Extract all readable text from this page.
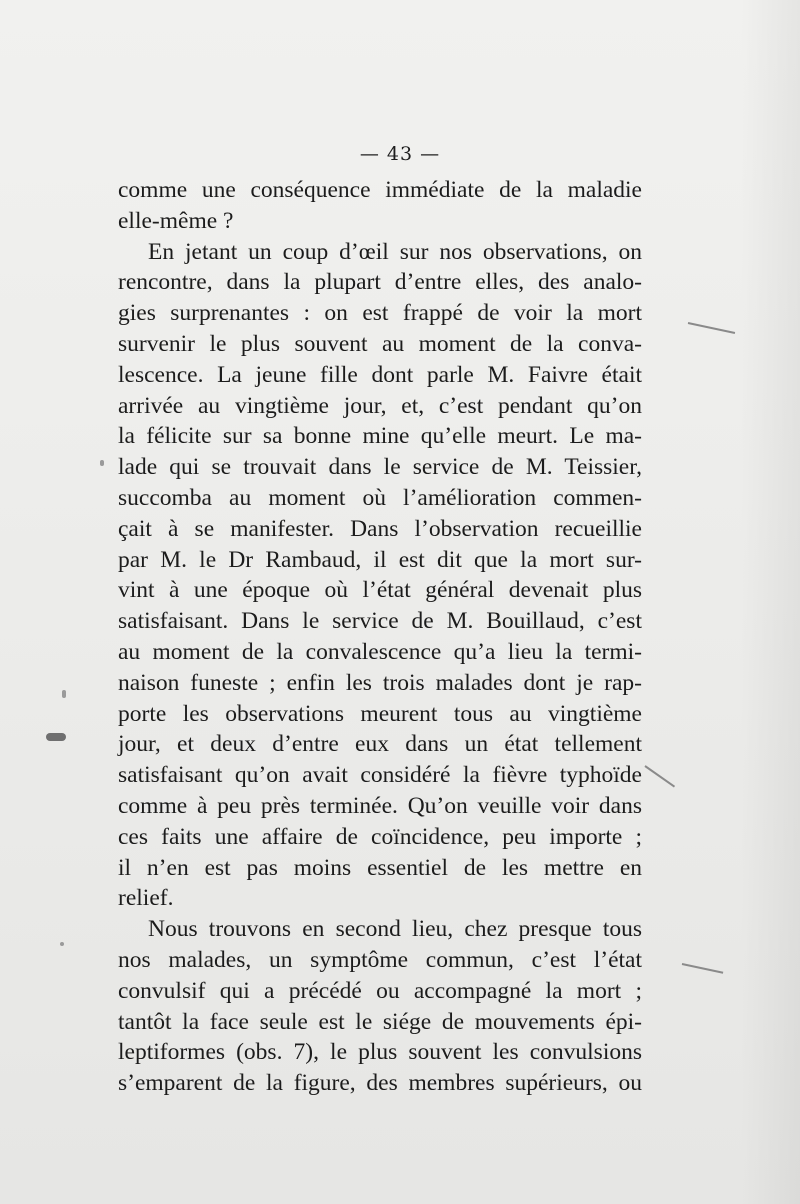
— 43 —
comme une conséquence immédiate de la maladie
elle-même ?
En jetant un coup d’œil sur nos observations, on
rencontre, dans la plupart d’entre elles, des analo-
gies surprenantes : on est frappé de voir la mort
survenir le plus souvent au moment de la conva-
lescence. La jeune fille dont parle M. Faivre était
arrivée au vingtième jour, et, c’est pendant qu’on
la félicite sur sa bonne mine qu’elle meurt. Le ma-
lade qui se trouvait dans le service de M. Teissier,
succomba au moment où l’amélioration commen-
çait à se manifester. Dans l’observation recueillie
par M. le Dr Rambaud, il est dit que la mort sur-
vint à une époque où l’état général devenait plus
satisfaisant. Dans le service de M. Bouillaud, c’est
au moment de la convalescence qu’a lieu la termi-
naison funeste ; enfin les trois malades dont je rap-
porte les observations meurent tous au vingtième
jour, et deux d’entre eux dans un état tellement
satisfaisant qu’on avait considéré la fièvre typhoïde
comme à peu près terminée. Qu’on veuille voir dans
ces faits une affaire de coïncidence, peu importe ;
il n’en est pas moins essentiel de les mettre en
relief.
Nous trouvons en second lieu, chez presque tous
nos malades, un symptôme commun, c’est l’état
convulsif qui a précédé ou accompagné la mort ;
tantôt la face seule est le siége de mouvements épi-
leptiformes (obs. 7), le plus souvent les convulsions
s’emparent de la figure, des membres supérieurs, ou
